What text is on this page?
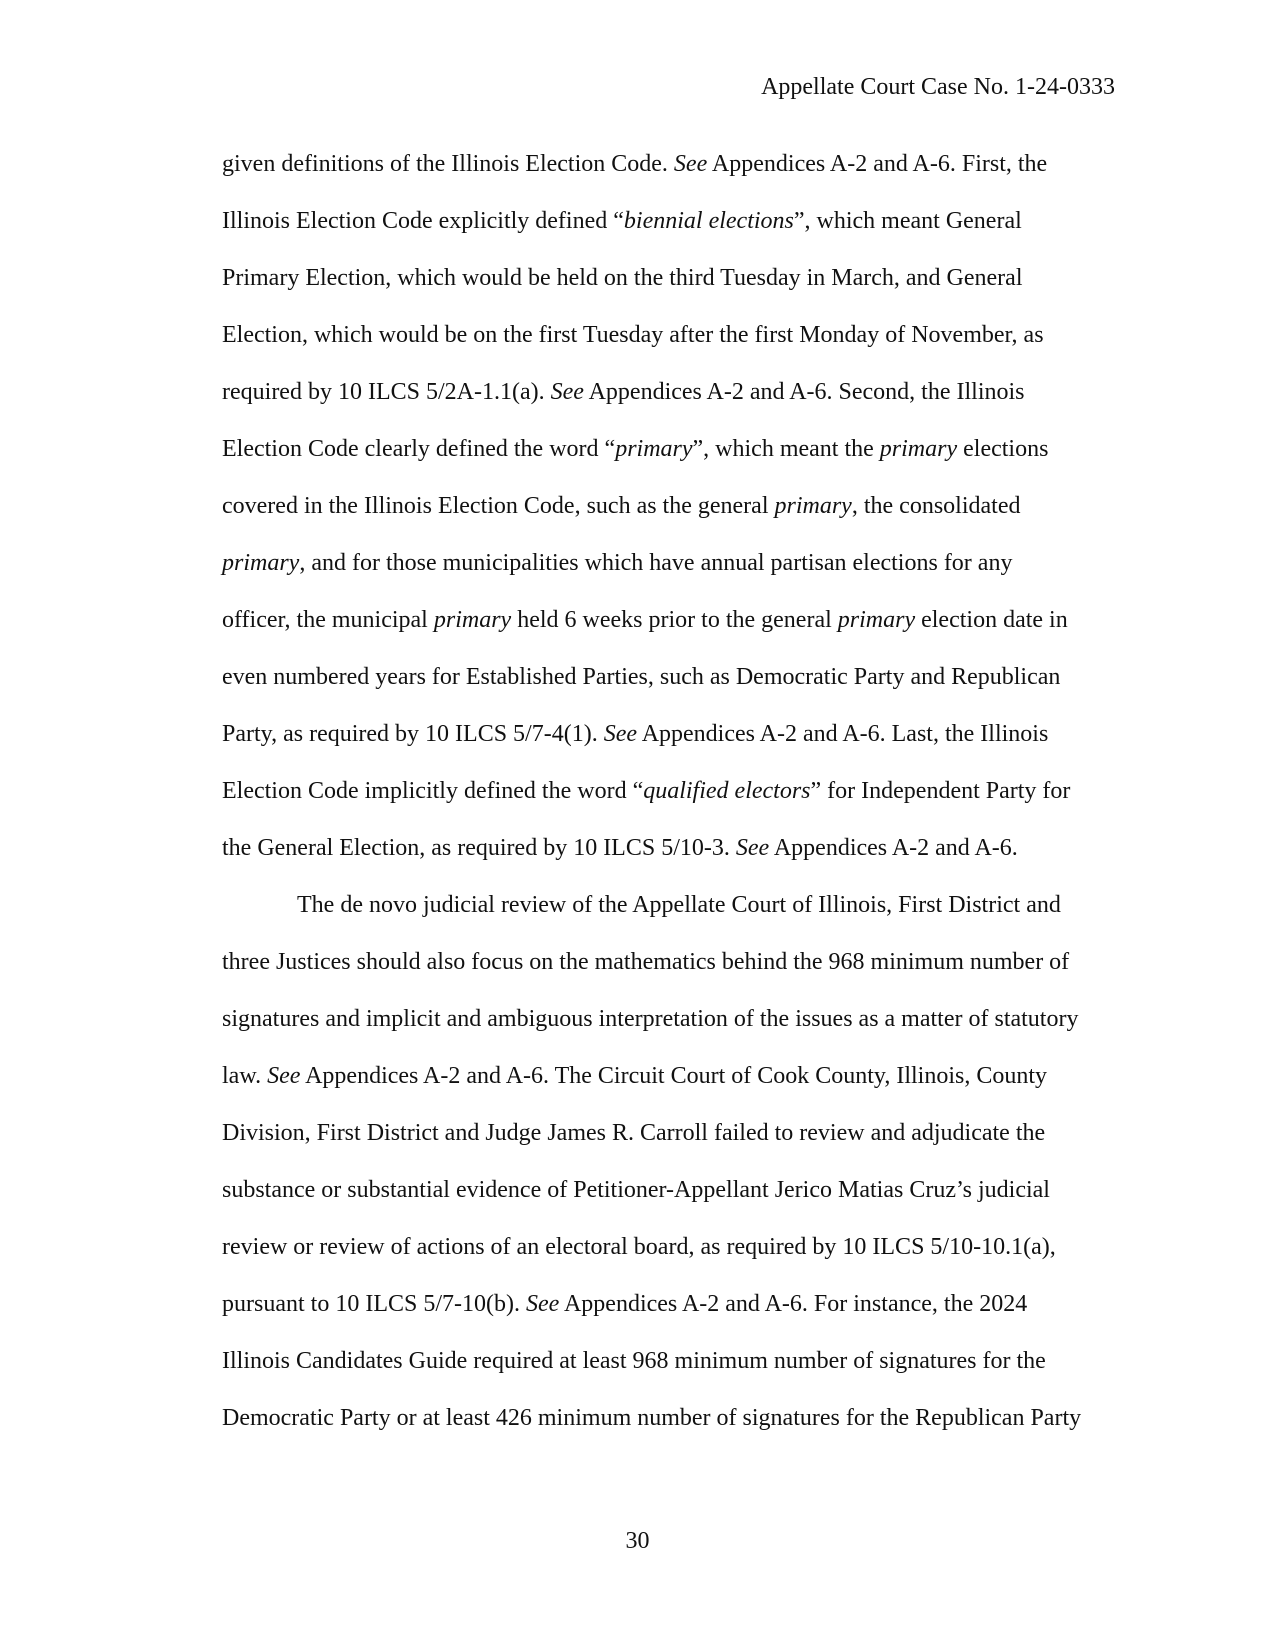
Appellate Court Case No. 1-24-0333
given definitions of the Illinois Election Code. See Appendices A-2 and A-6. First, the
Illinois Election Code explicitly defined “biennial elections”, which meant General
Primary Election, which would be held on the third Tuesday in March, and General
Election, which would be on the first Tuesday after the first Monday of November, as
required by 10 ILCS 5/2A-1.1(a). See Appendices A-2 and A-6. Second, the Illinois
Election Code clearly defined the word “primary”, which meant the primary elections
covered in the Illinois Election Code, such as the general primary, the consolidated
primary, and for those municipalities which have annual partisan elections for any
officer, the municipal primary held 6 weeks prior to the general primary election date in
even numbered years for Established Parties, such as Democratic Party and Republican
Party, as required by 10 ILCS 5/7-4(1). See Appendices A-2 and A-6. Last, the Illinois
Election Code implicitly defined the word “qualified electors” for Independent Party for
the General Election, as required by 10 ILCS 5/10-3. See Appendices A-2 and A-6.
The de novo judicial review of the Appellate Court of Illinois, First District and
three Justices should also focus on the mathematics behind the 968 minimum number of
signatures and implicit and ambiguous interpretation of the issues as a matter of statutory
law. See Appendices A-2 and A-6. The Circuit Court of Cook County, Illinois, County
Division, First District and Judge James R. Carroll failed to review and adjudicate the
substance or substantial evidence of Petitioner-Appellant Jerico Matias Cruz’s judicial
review or review of actions of an electoral board, as required by 10 ILCS 5/10-10.1(a),
pursuant to 10 ILCS 5/7-10(b). See Appendices A-2 and A-6. For instance, the 2024
Illinois Candidates Guide required at least 968 minimum number of signatures for the
Democratic Party or at least 426 minimum number of signatures for the Republican Party
30
